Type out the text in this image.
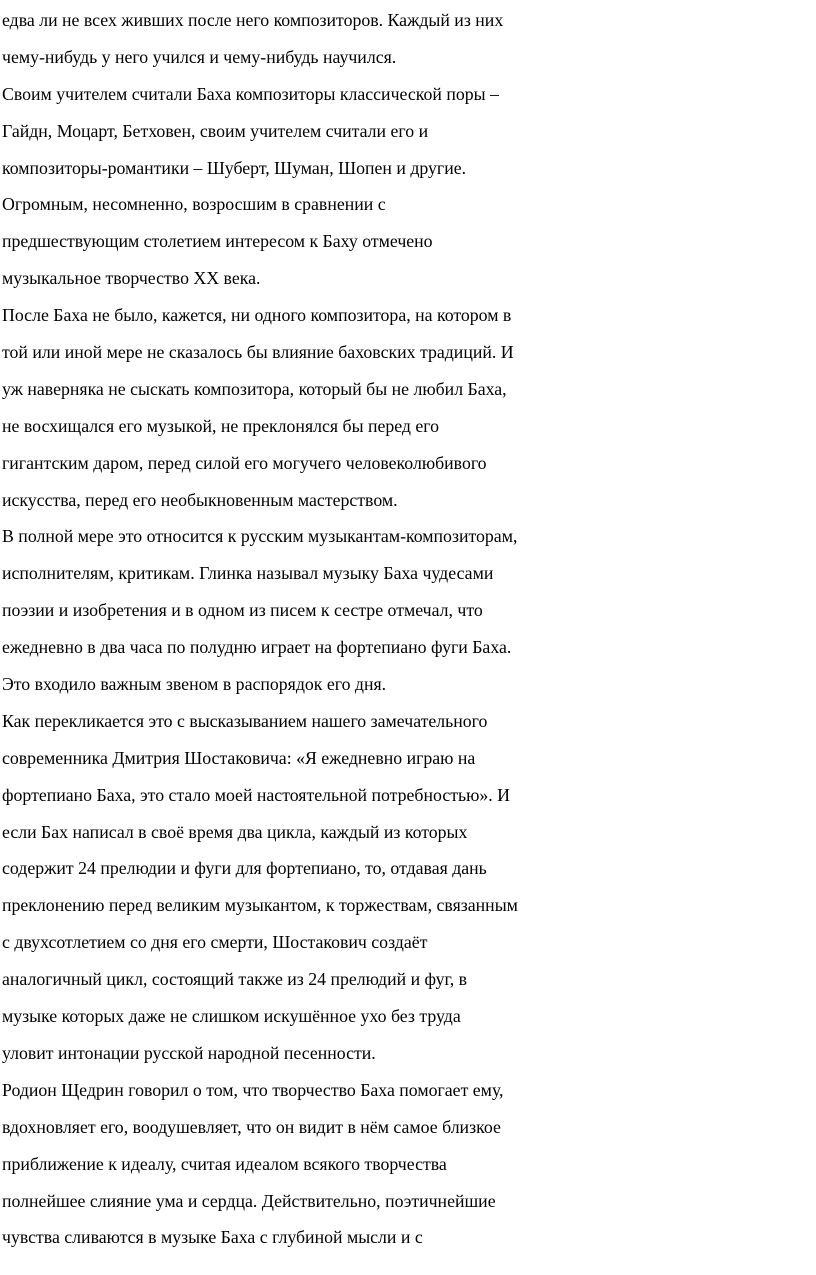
едва ли не всех живших после него композиторов. Каждый из них
чему-нибудь у него учился и чему-нибудь научился.
Своим учителем считали Баха композиторы классической поры –
Гайдн, Моцарт, Бетховен, своим учителем считали его и
композиторы-романтики – Шуберт, Шуман, Шопен и другие.
Огромным, несомненно, возросшим в сравнении с
предшествующим столетием интересом к Баху отмечено
музыкальное творчество XX века.
После Баха не было, кажется, ни одного композитора, на котором в
той или иной мере не сказалось бы влияние баховских традиций. И
уж наверняка не сыскать композитора, который бы не любил Баха,
не восхищался его музыкой, не преклонялся бы перед его
гигантским даром, перед силой его могучего человеколюбивого
искусства, перед его необыкновенным мастерством.
В полной мере это относится к русским музыкантам-композиторам,
исполнителям, критикам. Глинка называл музыку Баха чудесами
поэзии и изобретения и в одном из писем к сестре отмечал, что
ежедневно в два часа по полудню играет на фортепиано фуги Баха.
Это входило важным звеном в распорядок его дня.
Как перекликается это с высказыванием нашего замечательного
современника Дмитрия Шостаковича: «Я ежедневно играю на
фортепиано Баха, это стало моей настоятельной потребностью». И
если Бах написал в своё время два цикла, каждый из которых
содержит 24 прелюдии и фуги для фортепиано, то, отдавая дань
преклонению перед великим музыкантом, к торжествам, связанным
с двухсотлетием со дня его смерти, Шостакович создаёт
аналогичный цикл, состоящий также из 24 прелюдий и фуг, в
музыке которых даже не слишком искушённое ухо без труда
уловит интонации русской народной песенности.
Родион Щедрин говорил о том, что творчество Баха помогает ему,
вдохновляет его, воодушевляет, что он видит в нём самое близкое
приближение к идеалу, считая идеалом всякого творчества
полнейшее слияние ума и сердца. Действительно, поэтичнейшие
чувства сливаются в музыке Баха с глубиной мысли и с
